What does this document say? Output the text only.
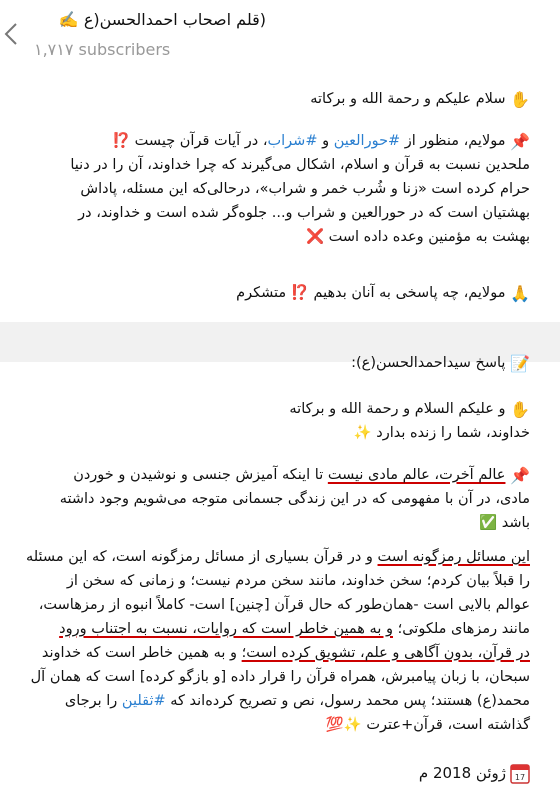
(قلم اصحاب احمدالحسن(ع ✍️
۱,۷۱۷ subscribers
✋ سلام علیکم و رحمة الله و برکاته
📌 مولایم، منظور از #حورالعین و #شراب، در آیات قرآن چیست ⁉️
ملحدین نسبت به قرآن و اسلام، اشکال می‌گیرند که چرا خداوند، آن را در دنیا
حرام کرده است «زنا و شُرب خمر و شراب»، درحالی‌که این مسئله، پاداش
بهشتیان است که در حورالعین و شراب و... جلوه‌گر شده است و خداوند، در
بهشت به مؤمنین وعده داده است ❌
🙏 مولایم، چه پاسخی به آنان بدهیم ⁉️ متشکرم
📝 پاسخ سیداحمدالحسن(ع):
✋ و علیکم السلام و رحمة الله و برکاته
خداوند، شما را زنده بدارد ✨
📌 عالم آخرت، عالم مادی نیست تا اینکه آمیزش جنسی و نوشیدن و خوردن
مادی، در آن با مفهومی که در این زندگی جسمانی متوجه می‌شویم وجود داشته
باشد ✅
این مسائل رمزگونه است و در قرآن بسیاری از مسائل رمزگونه است، که این مسئله
را قبلاً بیان کردم؛ سخن خداوند، مانند سخن مردم نیست؛ و زمانی که سخن از
عوالم بالایی است -همان‌طور که حال قرآن [چنین] است- کاملاً انبوه از رمزهاست،
مانند رمزهای ملکوتی؛ و به همین خاطر است که روایات، نسبت به اجتناب ورود
در قرآن، بدون آگاهی و علم، تشویق کرده است؛ و به همین خاطر است که خداوند
سبحان، با زبان پیامبرش، همراه قرآن را قرار داده [و بازگو کرده] است که همان آل
محمد(ع) هستند؛ پس محمد رسول، نص و تصریح کرده‌اند که #ثقلین را برجای
گذاشته است، قرآن+عترت ✨💯
17
ژوئن 2018 م
